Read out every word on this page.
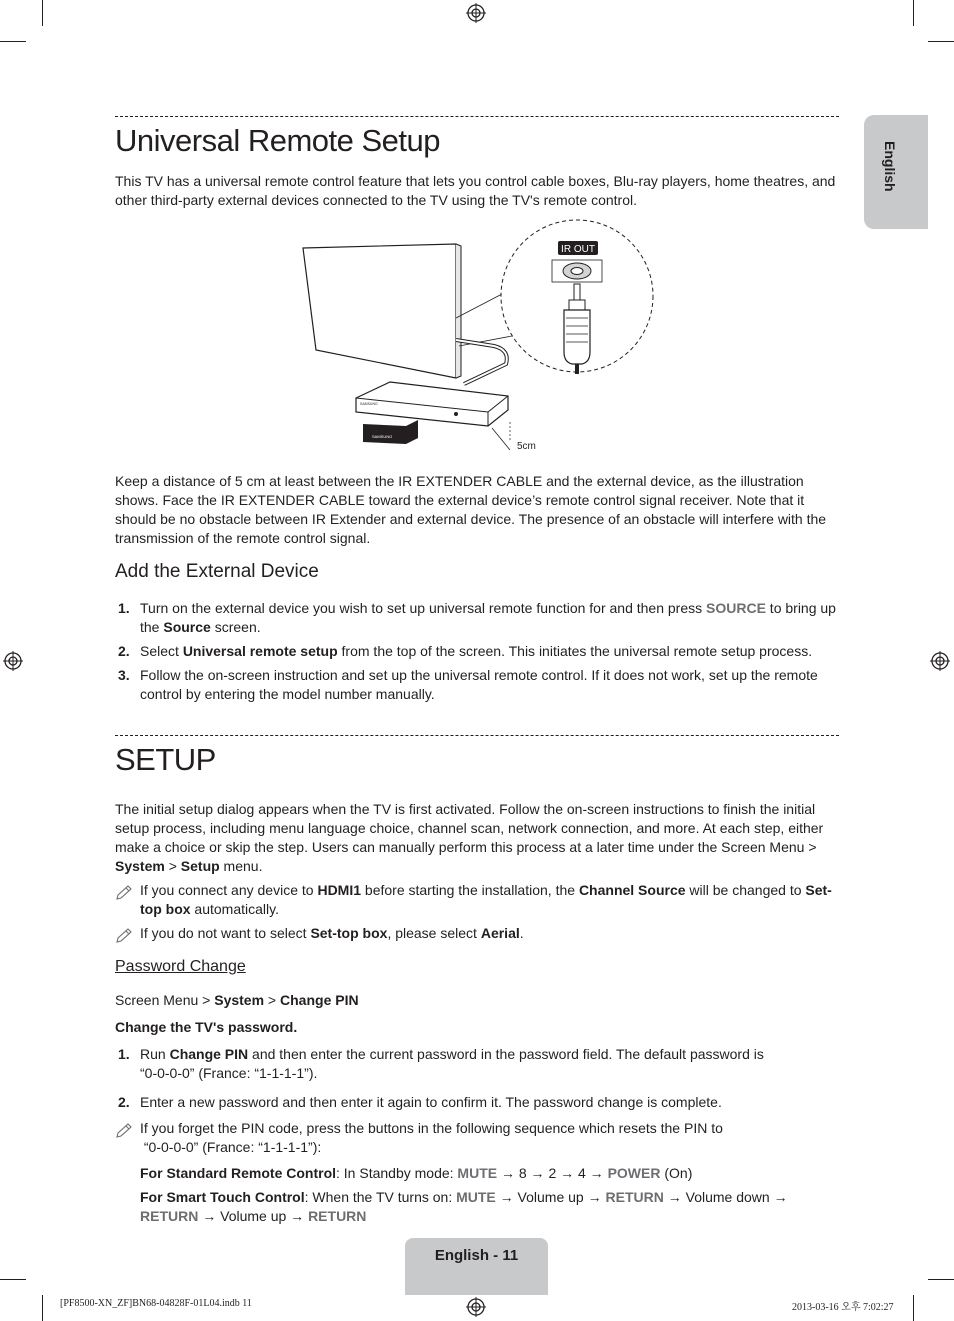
English
Universal Remote Setup

This TV has a universal remote control feature that lets you control cable boxes, Blu-ray players, home theatres, and other third-party external devices connected to the TV using the TV's remote control.

SAMSUNG
SAMSUNG
5cm
IR OUT

Keep a distance of 5 cm at least between the IR EXTENDER CABLE and the external device, as the illustration shows. Face the IR EXTENDER CABLE toward the external device’s remote control signal receiver. Note that it should be no obstacle between IR Extender and external device. The presence of an obstacle will interfere with the transmission of the remote control signal.

Add the External Device
1. Turn on the external device you wish to set up universal remote function for and then press SOURCE to bring up the Source screen.
2. Select Universal remote setup from the top of the screen. This initiates the universal remote setup process.
3. Follow the on-screen instruction and set up the universal remote control. If it does not work, set up the remote control by entering the model number manually.
SETUP

The initial setup dialog appears when the TV is first activated. Follow the on-screen instructions to finish the initial setup process, including menu language choice, channel scan, network connection, and more. At each step, either make a choice or skip the step. Users can manually perform this process at a later time under the Screen Menu > System > Setup menu.

If you connect any device to HDMI1 before starting the installation, the Channel Source will be changed to Set-top box automatically.
If you do not want to select Set-top box, please select Aerial.
Password Change
Screen Menu > System > Change PIN
Change the TV's password.
1. Run Change PIN and then enter the current password in the password field. The default password is
“0-0-0-0” (France: “1-1-1-1”).
2. Enter a new password and then enter it again to confirm it. The password change is complete.
If you forget the PIN code, press the buttons in the following sequence which resets the PIN to
“0-0-0-0” (France: “1-1-1-1”):
For Standard Remote Control: In Standby mode: MUTE → 8 → 2 → 4 → POWER (On)
For Smart Touch Control: When the TV turns on: MUTE → Volume up → RETURN → Volume down →
RETURN → Volume up → RETURN
English - 11
[PF8500-XN_ZF]BN68-04828F-01L04.indb 11	2013-03-16 오후 7:02:27
